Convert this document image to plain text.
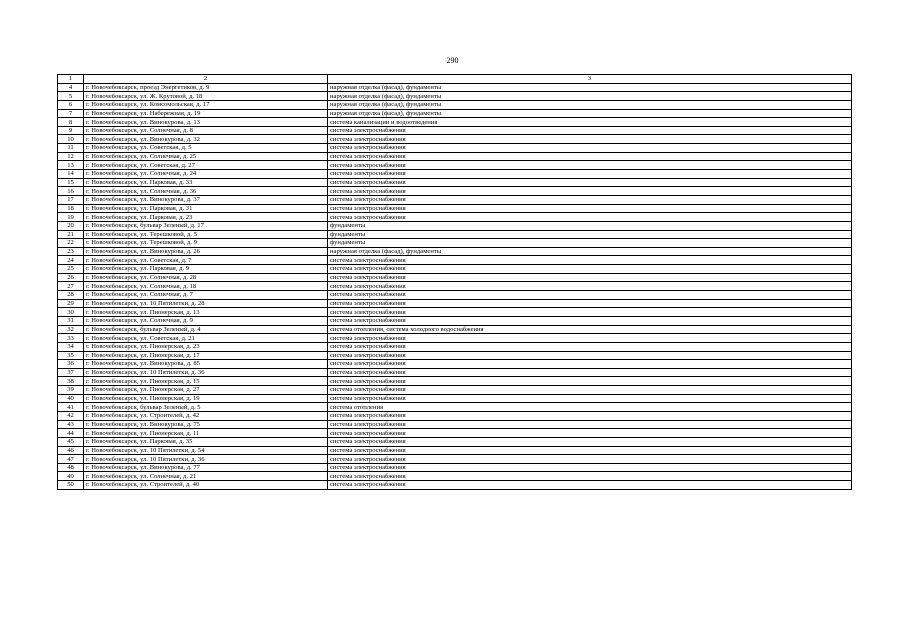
290
1	2	3
4	г. Новочебоксарск, проезд Энергетиков, д. 9	наружная отделка (фасад), фундаменты
5	г. Новочебоксарск, ул. Ж. Крутовой, д. 18	наружная отделка (фасад), фундаменты
6	г. Новочебоксарск, ул. Комсомольская, д. 17	наружная отделка (фасад), фундаменты
7	г. Новочебоксарск, ул. Набережная, д. 19	наружная отделка (фасад), фундаменты
8	г. Новочебоксарск, ул. Винокурова, д. 13	система канализации и водоотведения
9	г. Новочебоксарск, ул. Солнечная, д. 8	система электроснабжения
10	г. Новочебоксарск, ул. Винокурова, д. 32	система электроснабжения
11	г. Новочебоксарск, ул. Советская, д. 5	система электроснабжения
12	г. Новочебоксарск, ул. Солнечная, д. 25	система электроснабжения
13	г. Новочебоксарск, ул. Советская, д. 27	система электроснабжения
14	г. Новочебоксарск, ул. Солнечная, д. 24	система электроснабжения
15	г. Новочебоксарск, ул. Парковая, д. 33	система электроснабжения
16	г. Новочебоксарск, ул. Солнечная, д. 36	система электроснабжения
17	г. Новочебоксарск, ул. Винокурова, д. 37	система электроснабжения
18	г. Новочебоксарск, ул. Парковая, д. 31	система электроснабжения
19	г. Новочебоксарск, ул. Парковая, д. 23	система электроснабжения
20	г. Новочебоксарск, бульвар Зеленый, д. 17	фундаменты
21	г. Новочебоксарск, ул. Терешковой, д. 5	фундаменты
22	г. Новочебоксарск, ул. Терешковой, д. 9	фундаменты
23	г. Новочебоксарск, ул. Винокурова, д. 26	наружная отделка (фасад), фундаменты
24	г. Новочебоксарск, ул. Советская, д. 7	система электроснабжения
25	г. Новочебоксарск, ул. Парковая, д. 9	система электроснабжения
26	г. Новочебоксарск, ул. Солнечная, д. 28	система электроснабжения
27	г. Новочебоксарск, ул. Солнечная, д. 18	система электроснабжения
28	г. Новочебоксарск, ул. Солнечная, д. 7	система электроснабжения
29	г. Новочебоксарск, ул. 10 Пятилетки, д. 28	система электроснабжения
30	г. Новочебоксарск, ул. Пионерская, д. 13	система электроснабжения
31	г. Новочебоксарск, ул. Солнечная, д. 9	система электроснабжения
32	г. Новочебоксарск, бульвар Зеленый, д. 4	система отопления, система холодного водоснабжения
33	г. Новочебоксарск, ул. Советская, д. 21	система электроснабжения
34	г. Новочебоксарск, ул. Пионерская, д. 23	система электроснабжения
35	г. Новочебоксарск, ул. Пионерская, д. 17	система электроснабжения
36	г. Новочебоксарск, ул. Винокурова, д. 85	система электроснабжения
37	г. Новочебоксарск, ул. 10 Пятилетки, д. 36	система электроснабжения
38	г. Новочебоксарск, ул. Пионерская, д. 15	система электроснабжения
39	г. Новочебоксарск, ул. Пионерская, д. 27	система электроснабжения
40	г. Новочебоксарск, ул. Пионерская, д. 19	система электроснабжения
41	г. Новочебоксарск, бульвар Зеленый, д. 5	система отопления
42	г. Новочебоксарск, ул. Строителей, д. 42	система электроснабжения
43	г. Новочебоксарск, ул. Винокурова, д. 75	система электроснабжения
44	г. Новочебоксарск, ул. Пионерская, д. 11	система электроснабжения
45	г. Новочебоксарск, ул. Парковая, д. 35	система электроснабжения
46	г. Новочебоксарск, ул. 10 Пятилетки, д. 54	система электроснабжения
47	г. Новочебоксарск, ул. 10 Пятилетки, д. 36	система электроснабжения
48	г. Новочебоксарск, ул. Винокурова, д. 77	система электроснабжения
49	г. Новочебоксарск, ул. Солнечная, д. 21	система электроснабжения
50	г. Новочебоксарск, ул. Строителей, д. 40	система электроснабжения
